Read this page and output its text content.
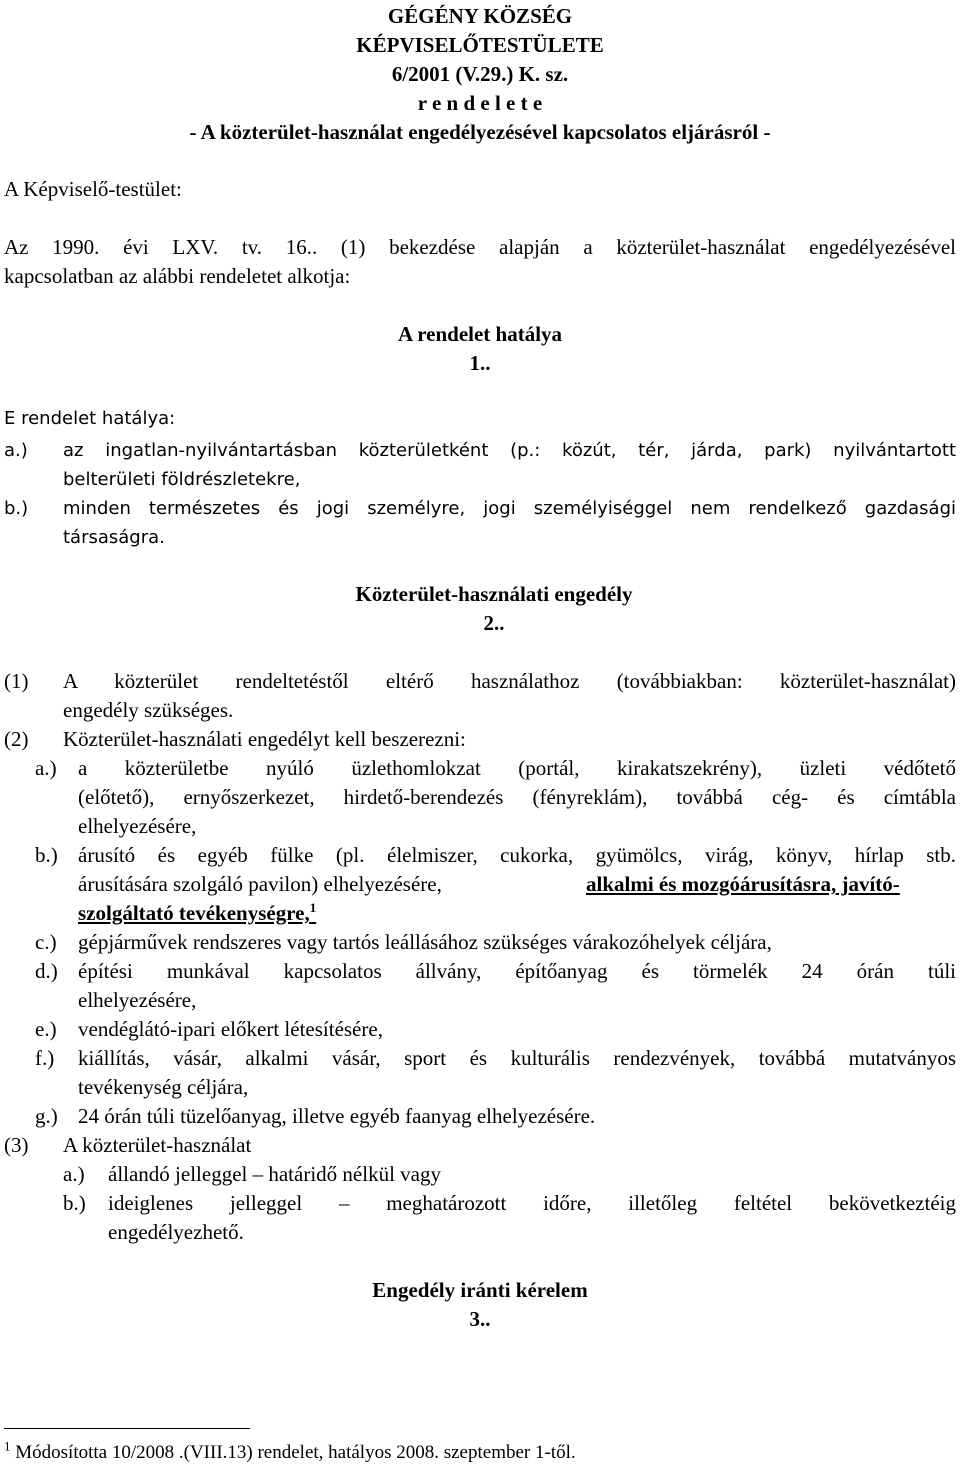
GÉGÉNY KÖZSÉG
KÉPVISELŐTESTÜLETE
6/2001 (V.29.) K. sz.
r e n d e l e t e
- A közterület-használat engedélyezésével kapcsolatos eljárásról -
A Képviselő-testület:
Az 1990. évi LXV. tv. 16.. (1) bekezdése alapján a közterület-használat engedélyezésével
kapcsolatban az alábbi rendeletet alkotja:
A rendelet hatálya
1..
E rendelet hatálya:
a.) az ingatlan-nyilvántartásban közterületként (p.: közút, tér, járda, park) nyilvántartott
belterületi földrészletekre,
b.) minden természetes és jogi személyre, jogi személyiséggel nem rendelkező gazdasági
társaságra.
Közterület-használati engedély
2..
(1) A közterület rendeltetéstől eltérő használathoz (továbbiakban: közterület-használat)
engedély szükséges.
(2) Közterület-használati engedélyt kell beszerezni:
a.) a közterületbe nyúló üzlethomlokzat (portál, kirakatszekrény), üzleti védőtető
(előtető), ernyőszerkezet, hirdető-berendezés (fényreklám), továbbá cég- és címtábla
elhelyezésére,
b.) árusító és egyéb fülke (pl. élelmiszer, cukorka, gyümölcs, virág, könyv, hírlap stb.
árusítására szolgáló pavilon) elhelyezésére,	alkalmi és mozgóárusításra, javító-
szolgáltató tevékenységre,$^1$
c.) gépjárművek rendszeres vagy tartós leállásához szükséges várakozóhelyek céljára,
d.) építési munkával kapcsolatos állvány, építőanyag és törmelék 24 órán túli
elhelyezésére,
e.) vendéglátó-ipari előkert létesítésére,
f.) kiállítás, vásár, alkalmi vásár, sport és kulturális rendezvények, továbbá mutatványos
tevékenység céljára,
g.) 24 órán túli tüzelőanyag, illetve egyéb faanyag elhelyezésére.
(3) A közterület-használat
a.) állandó jelleggel – határidő nélkül vagy
b.) ideiglenes jelleggel – meghatározott időre, illetőleg feltétel bekövetkeztéig
engedélyezhető.
Engedély iránti kérelem
3..
$^1$ Módosította 10/2008 .(VIII.13) rendelet, hatályos 2008. szeptember 1-től.
